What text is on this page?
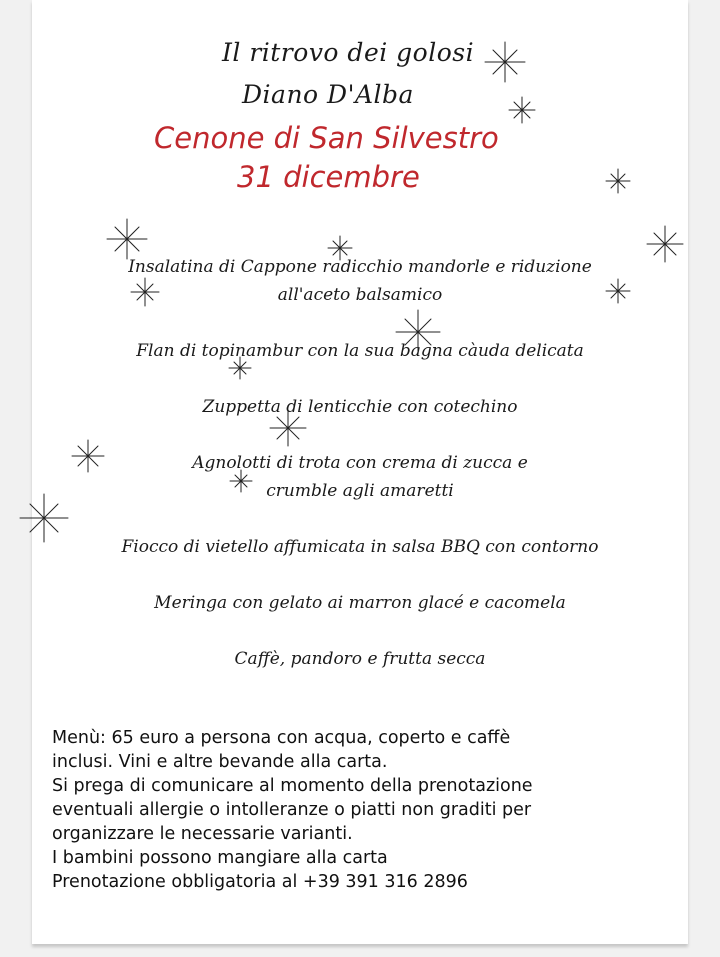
Il ritrovo dei golosi
Diano D'Alba
Cenone di San Silvestro
31 dicembre
Insalatina di Cappone radicchio mandorle e riduzione
all'aceto balsamico
Flan di topinambur con la sua bagna càuda delicata
Zuppetta di lenticchie con cotechino
Agnolotti di trota con crema di zucca e
crumble agli amaretti
Fiocco di vietello affumicata in salsa BBQ con contorno
Meringa con gelato ai marron glacé e cacomela
Caffè, pandoro e frutta secca
Menù: 65 euro a persona con acqua, coperto e caffè
inclusi. Vini e altre bevande alla carta.
Si prega di comunicare al momento della prenotazione
eventuali allergie o intolleranze o piatti non graditi per
organizzare le necessarie varianti.
I bambini possono mangiare alla carta
Prenotazione obbligatoria al +39 391 316 2896
